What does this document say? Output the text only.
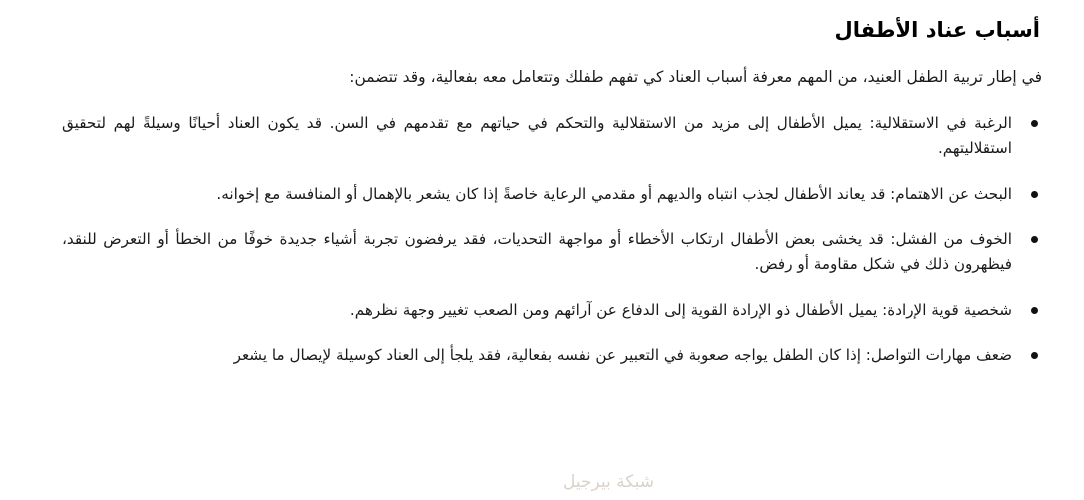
أسباب عناد الأطفال

في إطار تربية الطفل العنيد، من المهم معرفة أسباب العناد كي تفهم طفلك وتتعامل معه بفعالية، وقد تتضمن:

الرغبة في الاستقلالية: يميل الأطفال إلى مزيد من الاستقلالية والتحكم في حياتهم مع تقدمهم في السن. قد يكون العناد أحيانًا وسيلةً لهم لتحقيق استقلاليتهم.
البحث عن الاهتمام: قد يعاند الأطفال لجذب انتباه والديهم أو مقدمي الرعاية خاصةً إذا كان يشعر بالإهمال أو المنافسة مع إخوانه.
الخوف من الفشل: قد يخشى بعض الأطفال ارتكاب الأخطاء أو مواجهة التحديات، فقد يرفضون تجربة أشياء جديدة خوفًا من الخطأ أو التعرض للنقد، فيظهرون ذلك في شكل مقاومة أو رفض.
شخصية قوية الإرادة: يميل الأطفال ذو الإرادة القوية إلى الدفاع عن آرائهم ومن الصعب تغيير وجهة نظرهم.
ضعف مهارات التواصل: إذا كان الطفل يواجه صعوبة في التعبير عن نفسه بفعالية، فقد يلجأ إلى العناد كوسيلة لإيصال ما يشعر
شبكة بيرجيل
